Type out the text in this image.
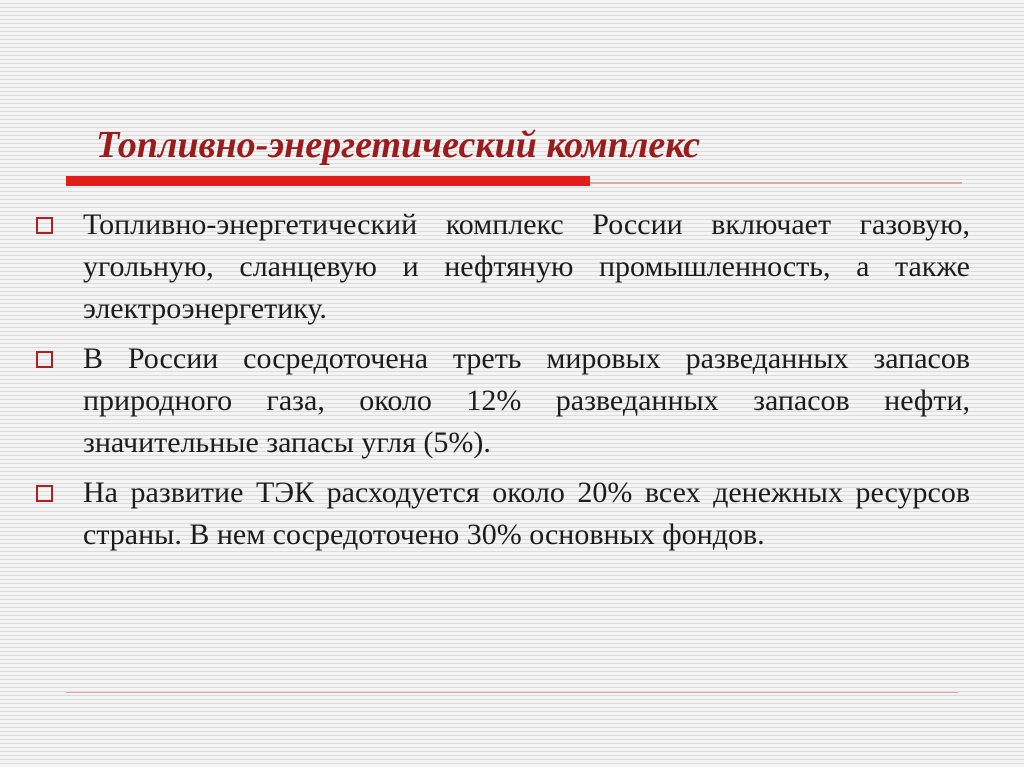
Топливно-энергетический комплекс
Топливно-энергетический комплекс России включает газовую, угольную, сланцевую и нефтяную промышленность, а также электроэнергетику.
В России сосредоточена треть мировых разведанных запасов природного газа, около 12% разведанных запасов нефти, значительные запасы угля (5%).
На развитие ТЭК расходуется около 20% всех денежных ресурсов страны. В нем сосредоточено 30% основных фондов.
